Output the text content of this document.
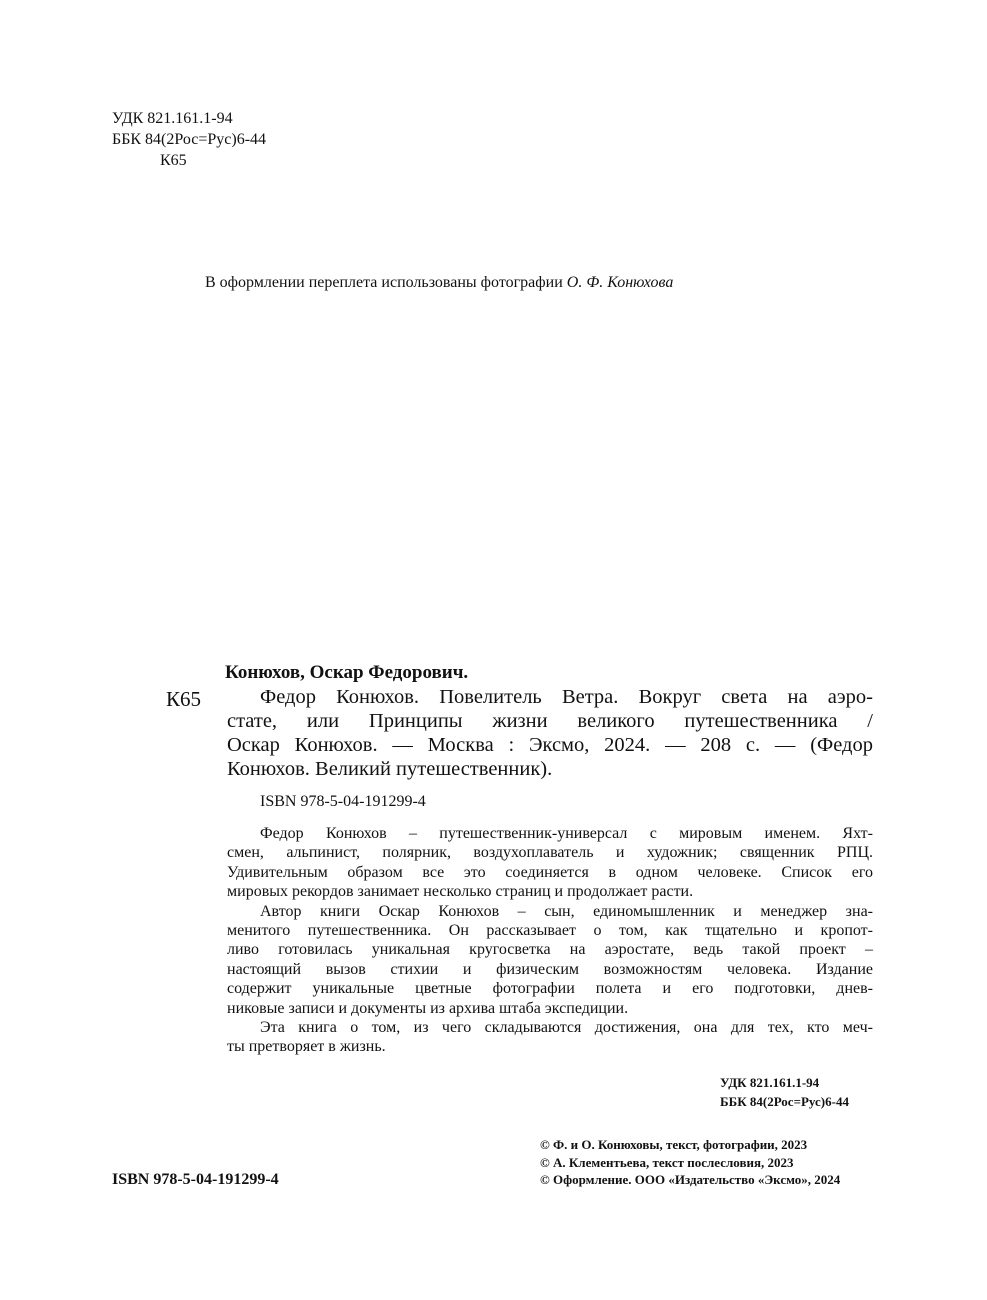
УДК 821.161.1-94
ББК 84(2Рос=Рус)6-44
К65
В оформлении переплета использованы фотографии О. Ф. Конюхова
Конюхов, Оскар Федорович.
К65	Федор Конюхов. Повелитель Ветра. Вокруг света на аэро-
стате, или Принципы жизни великого путешественника /
Оскар Конюхов. — Москва : Эксмо, 2024. — 208 с. — (Федор
Конюхов. Великий путешественник).
ISBN 978-5-04-191299-4
Федор Конюхов – путешественник-универсал с мировым именем. Яхт-
смен, альпинист, полярник, воздухоплаватель и художник; священник РПЦ.
Удивительным образом все это соединяется в одном человеке. Список его
мировых рекордов занимает несколько страниц и продолжает расти.
Автор книги Оскар Конюхов – сын, единомышленник и менеджер зна-
менитого путешественника. Он рассказывает о том, как тщательно и кропот-
ливо готовилась уникальная кругосветка на аэростате, ведь такой проект –
настоящий вызов стихии и физическим возможностям человека. Издание
содержит уникальные цветные фотографии полета и его подготовки, днев-
никовые записи и документы из архива штаба экспедиции.
Эта книга о том, из чего складываются достижения, она для тех, кто меч-
ты претворяет в жизнь.
УДК 821.161.1-94
ББК 84(2Рос=Рус)6-44
© Ф. и О. Конюховы, текст, фотографии, 2023
© А. Клементьева, текст послесловия, 2023
© Оформление. ООО «Издательство «Эксмо», 2024
ISBN 978-5-04-191299-4
